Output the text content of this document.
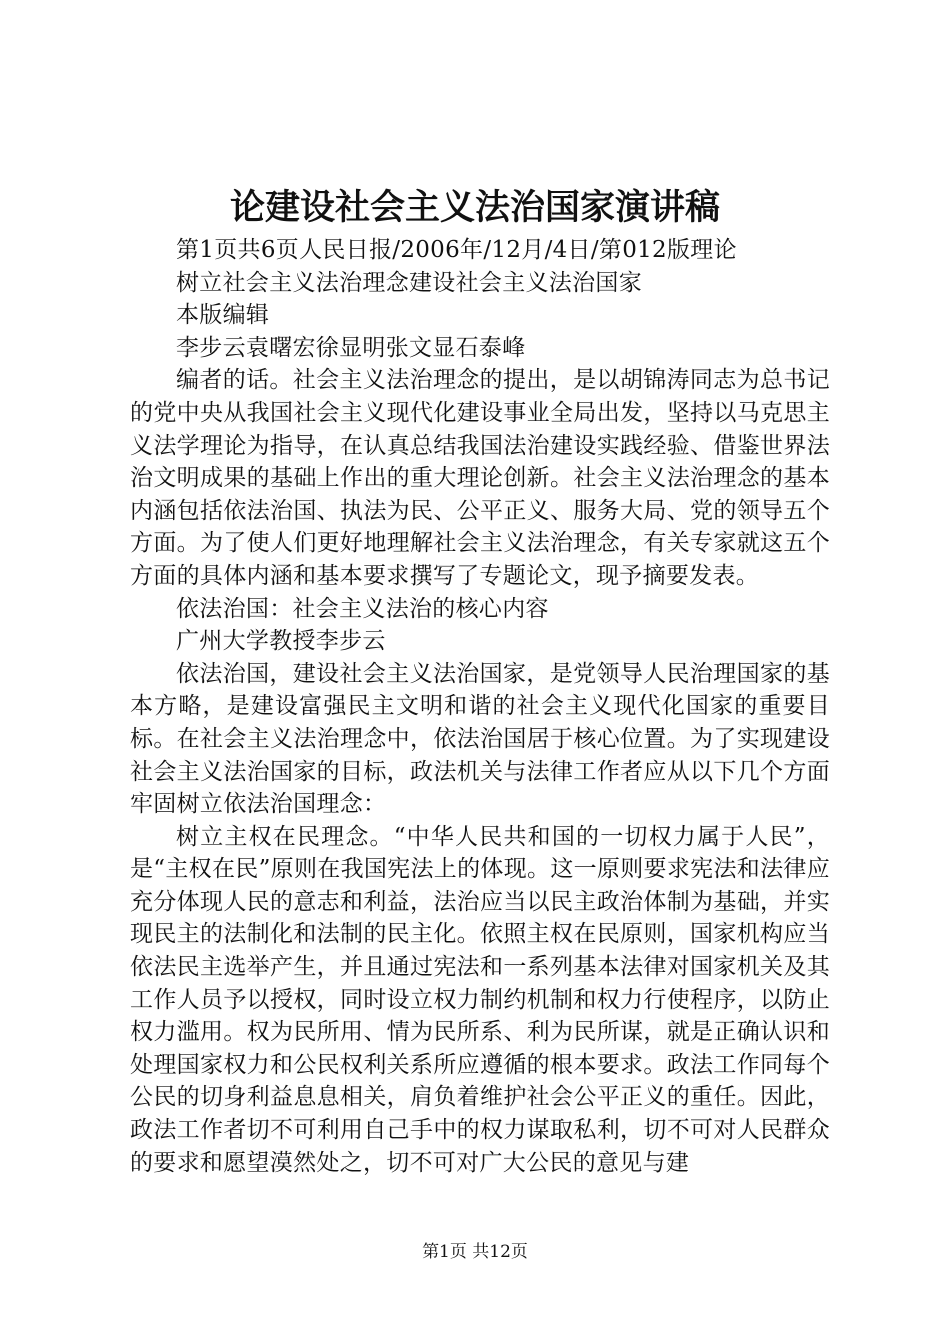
论建设社会主义法治国家演讲稿

第1页共6页人民日报/2006年/12月/4日/第012版理论

树立社会主义法治理念建设社会主义法治国家

本版编辑

李步云袁曙宏徐显明张文显石泰峰

编者的话。社会主义法治理念的提出，是以胡锦涛同志为总书记的党中央从我国社会主义现代化建设事业全局出发，坚持以马克思主义法学理论为指导，在认真总结我国法治建设实践经验、借鉴世界法治文明成果的基础上作出的重大理论创新。社会主义法治理念的基本内涵包括依法治国、执法为民、公平正义、服务大局、党的领导五个方面。为了使人们更好地理解社会主义法治理念，有关专家就这五个方面的具体内涵和基本要求撰写了专题论文，现予摘要发表。

依法治国：社会主义法治的核心内容

广州大学教授李步云

依法治国，建设社会主义法治国家，是党领导人民治理国家的基本方略，是建设富强民主文明和谐的社会主义现代化国家的重要目标。在社会主义法治理念中，依法治国居于核心位置。为了实现建设社会主义法治国家的目标，政法机关与法律工作者应从以下几个方面牢固树立依法治国理念：

树立主权在民理念。“中华人民共和国的一切权力属于人民”，是“主权在民”原则在我国宪法上的体现。这一原则要求宪法和法律应充分体现人民的意志和利益，法治应当以民主政治体制为基础，并实现民主的法制化和法制的民主化。依照主权在民原则，国家机构应当依法民主选举产生，并且通过宪法和一系列基本法律对国家机关及其工作人员予以授权，同时设立权力制约机制和权力行使程序，以防止权力滥用。权为民所用、情为民所系、利为民所谋，就是正确认识和处理国家权力和公民权利关系所应遵循的根本要求。政法工作同每个公民的切身利益息息相关，肩负着维护社会公平正义的重任。因此，政法工作者切不可利用自己手中的权力谋取私利，切不可对人民群众的要求和愿望漠然处之，切不可对广大公民的意见与建

第1页 共12页
